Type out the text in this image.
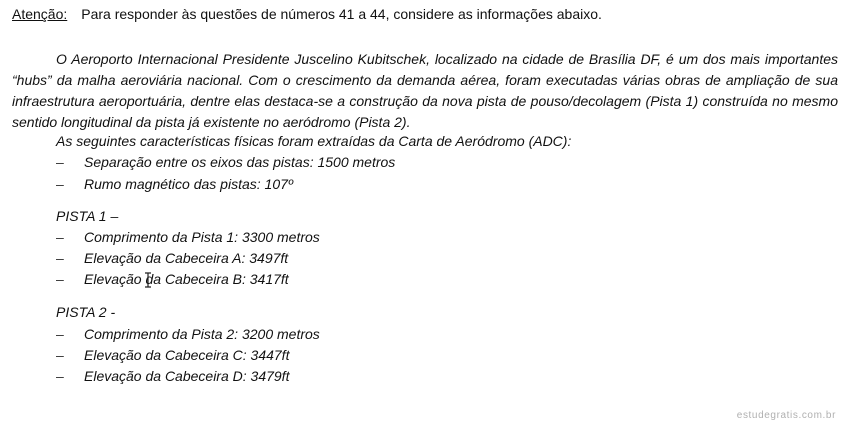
Atenção: Para responder às questões de números 41 a 44, considere as informações abaixo.
O Aeroporto Internacional Presidente Juscelino Kubitschek, localizado na cidade de Brasília DF, é um dos mais importantes “hubs” da malha aeroviária nacional. Com o crescimento da demanda aérea, foram executadas várias obras de ampliação de sua infraestrutura aeroportuária, dentre elas destaca-se a construção da nova pista de pouso/decolagem (Pista 1) construída no mesmo sentido longitudinal da pista já existente no aeródromo (Pista 2).
As seguintes características físicas foram extraídas da Carta de Aeródromo (ADC):
– Separação entre os eixos das pistas: 1500 metros
– Rumo magnético das pistas: 107º
PISTA 1 –
– Comprimento da Pista 1: 3300 metros
– Elevação da Cabeceira A: 3497ft
– Elevação da Cabeceira B: 3417ft
PISTA 2 -
– Comprimento da Pista 2: 3200 metros
– Elevação da Cabeceira C: 3447ft
– Elevação da Cabeceira D: 3479ft
estudegratis.com.br
